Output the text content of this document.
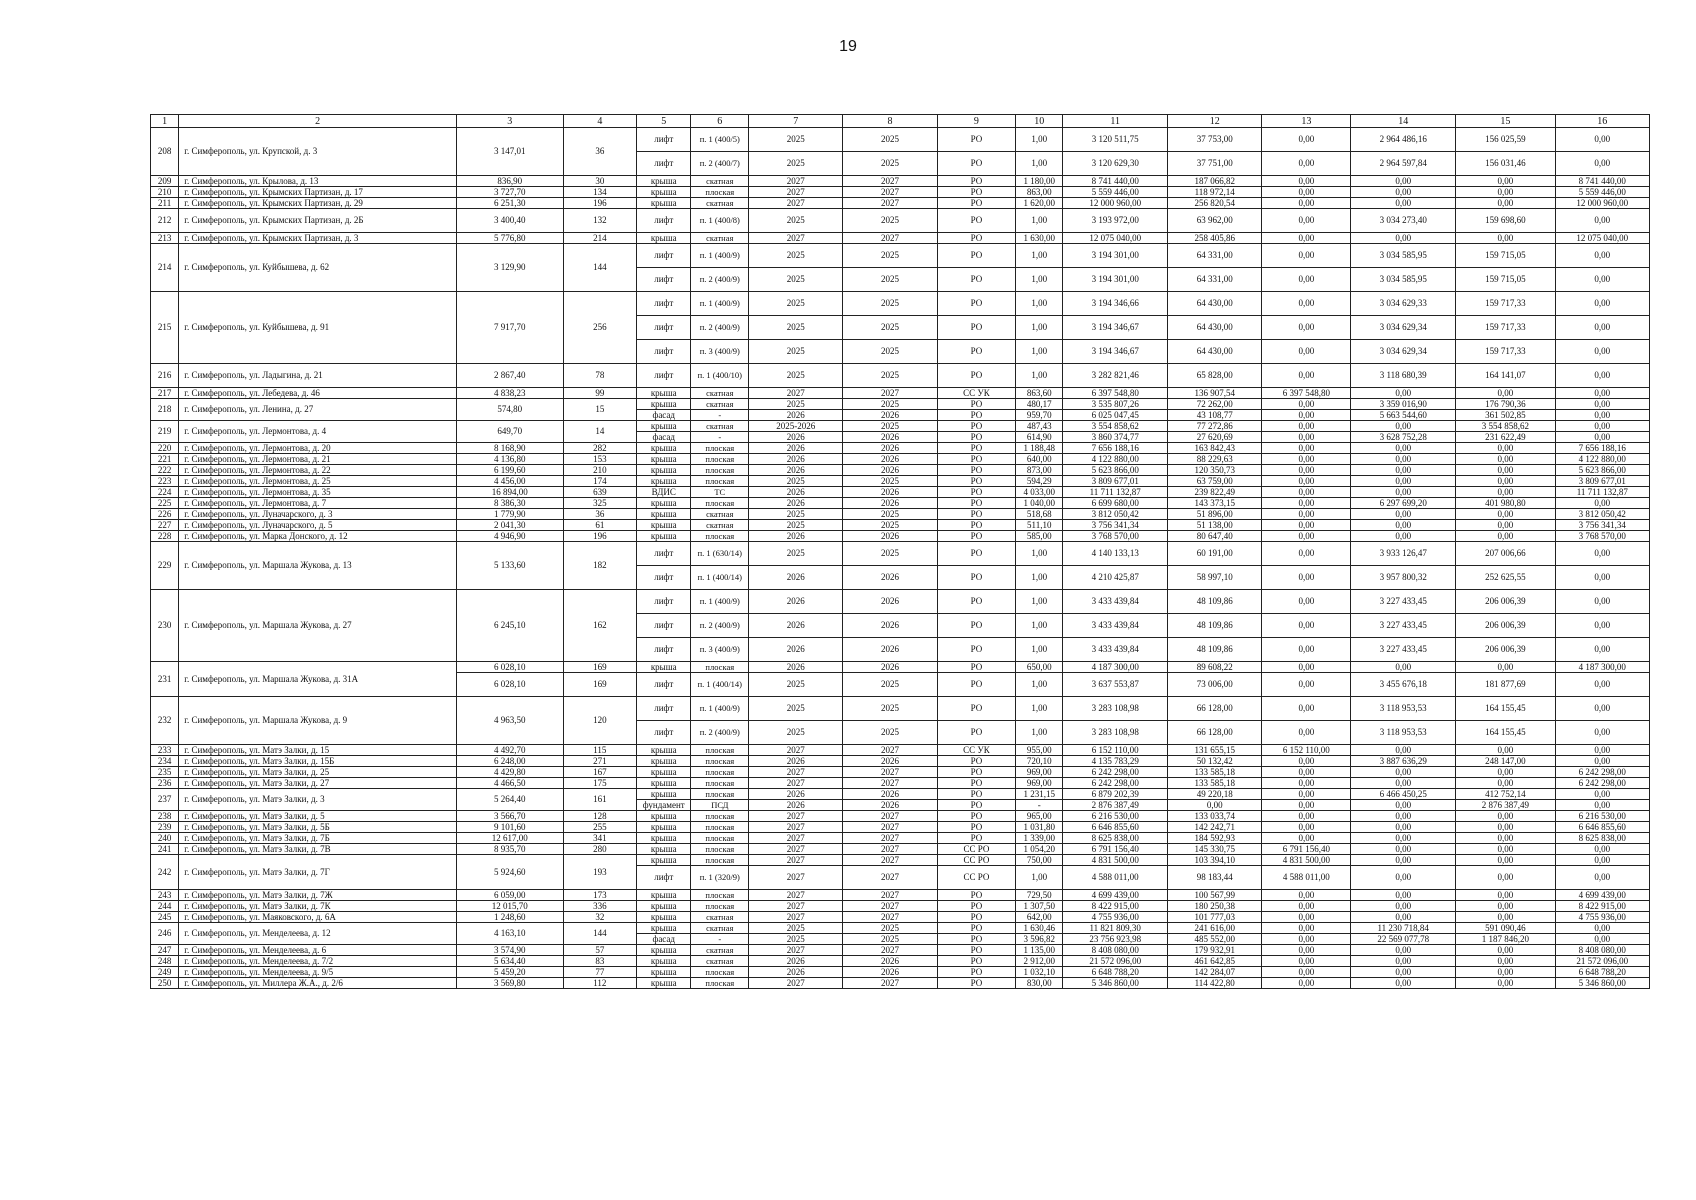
19
1	2	3	4	5	6	7	8	9	10	11	12	13	14	15	16
208	г. Симферополь, ул. Крупской, д. 3	3 147,01	36	лифт	п. 1 (400/5)	2025	2025	РО	1,00	3 120 511,75	37 753,00	0,00	2 964 486,16	156 025,59	0,00
				лифт	п. 2 (400/7)	2025	2025	РО	1,00	3 120 629,30	37 751,00	0,00	2 964 597,84	156 031,46	0,00
209	г. Симферополь, ул. Крылова, д. 13	836,90	30	крыша	скатная	2027	2027	РО	1 180,00	8 741 440,00	187 066,82	0,00	0,00	0,00	8 741 440,00
210	г. Симферополь, ул. Крымских Партизан, д. 17	3 727,70	134	крыша	плоская	2027	2027	РО	863,00	5 559 446,00	118 972,14	0,00	0,00	0,00	5 559 446,00
211	г. Симферополь, ул. Крымских Партизан, д. 29	6 251,30	196	крыша	скатная	2027	2027	РО	1 620,00	12 000 960,00	256 820,54	0,00	0,00	0,00	12 000 960,00
212	г. Симферополь, ул. Крымских Партизан, д. 2Б	3 400,40	132	лифт	п. 1 (400/8)	2025	2025	РО	1,00	3 193 972,00	63 962,00	0,00	3 034 273,40	159 698,60	0,00
213	г. Симферополь, ул. Крымских Партизан, д. 3	5 776,80	214	крыша	скатная	2027	2027	РО	1 630,00	12 075 040,00	258 405,86	0,00	0,00	0,00	12 075 040,00
214	г. Симферополь, ул. Куйбышева, д. 62	3 129,90	144	лифт	п. 1 (400/9)	2025	2025	РО	1,00	3 194 301,00	64 331,00	0,00	3 034 585,95	159 715,05	0,00
				лифт	п. 2 (400/9)	2025	2025	РО	1,00	3 194 301,00	64 331,00	0,00	3 034 585,95	159 715,05	0,00
215	г. Симферополь, ул. Куйбышева, д. 91	7 917,70	256	лифт	п. 1 (400/9)	2025	2025	РО	1,00	3 194 346,66	64 430,00	0,00	3 034 629,33	159 717,33	0,00
				лифт	п. 2 (400/9)	2025	2025	РО	1,00	3 194 346,67	64 430,00	0,00	3 034 629,34	159 717,33	0,00
				лифт	п. 3 (400/9)	2025	2025	РО	1,00	3 194 346,67	64 430,00	0,00	3 034 629,34	159 717,33	0,00
216	г. Симферополь, ул. Ладыгина, д. 21	2 867,40	78	лифт	п. 1 (400/10)	2025	2025	РО	1,00	3 282 821,46	65 828,00	0,00	3 118 680,39	164 141,07	0,00
217	г. Симферополь, ул. Лебедева, д. 46	4 838,23	99	крыша	скатная	2027	2027	СС УК	863,60	6 397 548,80	136 907,54	6 397 548,80	0,00	0,00	0,00
218	г. Симферополь, ул. Ленина, д. 27	574,80	15	крыша	скатная	2025	2025	РО	480,17	3 535 807,26	72 262,00	0,00	3 359 016,90	176 790,36	0,00
				фасад	-	2026	2026	РО	959,70	6 025 047,45	43 108,77	0,00	5 663 544,60	361 502,85	0,00
219	г. Симферополь, ул. Лермонтова, д. 4	649,70	14	крыша	скатная	2025-2026	2025	РО	487,43	3 554 858,62	77 272,86	0,00	0,00	3 554 858,62	0,00
				фасад	-	2026	2026	РО	614,90	3 860 374,77	27 620,69	0,00	3 628 752,28	231 622,49	0,00
220	г. Симферополь, ул. Лермонтова, д. 20	8 168,90	282	крыша	плоская	2026	2026	РО	1 188,48	7 656 188,16	163 842,43	0,00	0,00	0,00	7 656 188,16
221	г. Симферополь, ул. Лермонтова, д. 21	4 136,80	153	крыша	плоская	2026	2026	РО	640,00	4 122 880,00	88 229,63	0,00	0,00	0,00	4 122 880,00
222	г. Симферополь, ул. Лермонтова, д. 22	6 199,60	210	крыша	плоская	2026	2026	РО	873,00	5 623 866,00	120 350,73	0,00	0,00	0,00	5 623 866,00
223	г. Симферополь, ул. Лермонтова, д. 25	4 456,00	174	крыша	плоская	2025	2025	РО	594,29	3 809 677,01	63 759,00	0,00	0,00	0,00	3 809 677,01
224	г. Симферополь, ул. Лермонтова, д. 35	16 894,00	639	ВДИС	ТС	2026	2026	РО	4 033,00	11 711 132,87	239 822,49	0,00	0,00	0,00	11 711 132,87
225	г. Симферополь, ул. Лермонтова, д. 7	8 386,30	325	крыша	плоская	2026	2026	РО	1 040,00	6 699 680,00	143 373,15	0,00	6 297 699,20	401 980,80	0,00
226	г. Симферополь, ул. Луначарского, д. 3	1 779,90	36	крыша	скатная	2025	2025	РО	518,68	3 812 050,42	51 896,00	0,00	0,00	0,00	3 812 050,42
227	г. Симферополь, ул. Луначарского, д. 5	2 041,30	61	крыша	скатная	2025	2025	РО	511,10	3 756 341,34	51 138,00	0,00	0,00	0,00	3 756 341,34
228	г. Симферополь, ул. Марка Донского, д. 12	4 946,90	196	крыша	плоская	2026	2026	РО	585,00	3 768 570,00	80 647,40	0,00	0,00	0,00	3 768 570,00
229	г. Симферополь, ул. Маршала Жукова, д. 13	5 133,60	182	лифт	п. 1 (630/14)	2025	2025	РО	1,00	4 140 133,13	60 191,00	0,00	3 933 126,47	207 006,66	0,00
				лифт	п. 1 (400/14)	2026	2026	РО	1,00	4 210 425,87	58 997,10	0,00	3 957 800,32	252 625,55	0,00
230	г. Симферополь, ул. Маршала Жукова, д. 27	6 245,10	162	лифт	п. 1 (400/9)	2026	2026	РО	1,00	3 433 439,84	48 109,86	0,00	3 227 433,45	206 006,39	0,00
				лифт	п. 2 (400/9)	2026	2026	РО	1,00	3 433 439,84	48 109,86	0,00	3 227 433,45	206 006,39	0,00
				лифт	п. 3 (400/9)	2026	2026	РО	1,00	3 433 439,84	48 109,86	0,00	3 227 433,45	206 006,39	0,00
231	г. Симферополь, ул. Маршала Жукова, д. 31А	6 028,10	169	крыша	плоская	2026	2026	РО	650,00	4 187 300,00	89 608,22	0,00	0,00	0,00	4 187 300,00
		6 028,10	169	лифт	п. 1 (400/14)	2025	2025	РО	1,00	3 637 553,87	73 006,00	0,00	3 455 676,18	181 877,69	0,00
232	г. Симферополь, ул. Маршала Жукова, д. 9	4 963,50	120	лифт	п. 1 (400/9)	2025	2025	РО	1,00	3 283 108,98	66 128,00	0,00	3 118 953,53	164 155,45	0,00
				лифт	п. 2 (400/9)	2025	2025	РО	1,00	3 283 108,98	66 128,00	0,00	3 118 953,53	164 155,45	0,00
233	г. Симферополь, ул. Матэ Залки, д. 15	4 492,70	115	крыша	плоская	2027	2027	СС УК	955,00	6 152 110,00	131 655,15	6 152 110,00	0,00	0,00	0,00
234	г. Симферополь, ул. Матэ Залки, д. 15Б	6 248,00	271	крыша	плоская	2026	2026	РО	720,10	4 135 783,29	50 132,42	0,00	3 887 636,29	248 147,00	0,00
235	г. Симферополь, ул. Матэ Залки, д. 25	4 429,80	167	крыша	плоская	2027	2027	РО	969,00	6 242 298,00	133 585,18	0,00	0,00	0,00	6 242 298,00
236	г. Симферополь, ул. Матэ Залки, д. 27	4 466,50	175	крыша	плоская	2027	2027	РО	969,00	6 242 298,00	133 585,18	0,00	0,00	0,00	6 242 298,00
237	г. Симферополь, ул. Матэ Залки, д. 3	5 264,40	161	крыша	плоская	2026	2026	РО	1 231,15	6 879 202,39	49 220,18	0,00	6 466 450,25	412 752,14	0,00
				фундамент	ПСД	2026	2026	РО	-	2 876 387,49	0,00	0,00	0,00	2 876 387,49	0,00
238	г. Симферополь, ул. Матэ Залки, д. 5	3 566,70	128	крыша	плоская	2027	2027	РО	965,00	6 216 530,00	133 033,74	0,00	0,00	0,00	6 216 530,00
239	г. Симферополь, ул. Матэ Залки, д. 5Б	9 101,60	255	крыша	плоская	2027	2027	РО	1 031,80	6 646 855,60	142 242,71	0,00	0,00	0,00	6 646 855,60
240	г. Симферополь, ул. Матэ Залки, д. 7Б	12 617,00	341	крыша	плоская	2027	2027	РО	1 339,00	8 625 838,00	184 592,93	0,00	0,00	0,00	8 625 838,00
241	г. Симферополь, ул. Матэ Залки, д. 7В	8 935,70	280	крыша	плоская	2027	2027	СС РО	1 054,20	6 791 156,40	145 330,75	6 791 156,40	0,00	0,00	0,00
242	г. Симферополь, ул. Матэ Залки, д. 7Г	5 924,60	193	крыша	плоская	2027	2027	СС РО	750,00	4 831 500,00	103 394,10	4 831 500,00	0,00	0,00	0,00
				лифт	п. 1 (320/9)	2027	2027	СС РО	1,00	4 588 011,00	98 183,44	4 588 011,00	0,00	0,00	0,00
243	г. Симферополь, ул. Матэ Залки, д. 7Ж	6 059,00	173	крыша	плоская	2027	2027	РО	729,50	4 699 439,00	100 567,99	0,00	0,00	0,00	4 699 439,00
244	г. Симферополь, ул. Матэ Залки, д. 7К	12 015,70	336	крыша	плоская	2027	2027	РО	1 307,50	8 422 915,00	180 250,38	0,00	0,00	0,00	8 422 915,00
245	г. Симферополь, ул. Маяковского, д. 6А	1 248,60	32	крыша	скатная	2027	2027	РО	642,00	4 755 936,00	101 777,03	0,00	0,00	0,00	4 755 936,00
246	г. Симферополь, ул. Менделеева, д. 12	4 163,10	144	крыша	скатная	2025	2025	РО	1 630,46	11 821 809,30	241 616,00	0,00	11 230 718,84	591 090,46	0,00
				фасад	-	2025	2025	РО	3 596,82	23 756 923,98	485 552,00	0,00	22 569 077,78	1 187 846,20	0,00
247	г. Симферополь, ул. Менделеева, д. 6	3 574,90	57	крыша	скатная	2027	2027	РО	1 135,00	8 408 080,00	179 932,91	0,00	0,00	0,00	8 408 080,00
248	г. Симферополь, ул. Менделеева, д. 7/2	5 634,40	83	крыша	скатная	2026	2026	РО	2 912,00	21 572 096,00	461 642,85	0,00	0,00	0,00	21 572 096,00
249	г. Симферополь, ул. Менделеева, д. 9/5	5 459,20	77	крыша	плоская	2026	2026	РО	1 032,10	6 648 788,20	142 284,07	0,00	0,00	0,00	6 648 788,20
250	г. Симферополь, ул. Миллера Ж.А., д. 2/6	3 569,80	112	крыша	плоская	2027	2027	РО	830,00	5 346 860,00	114 422,80	0,00	0,00	0,00	5 346 860,00
